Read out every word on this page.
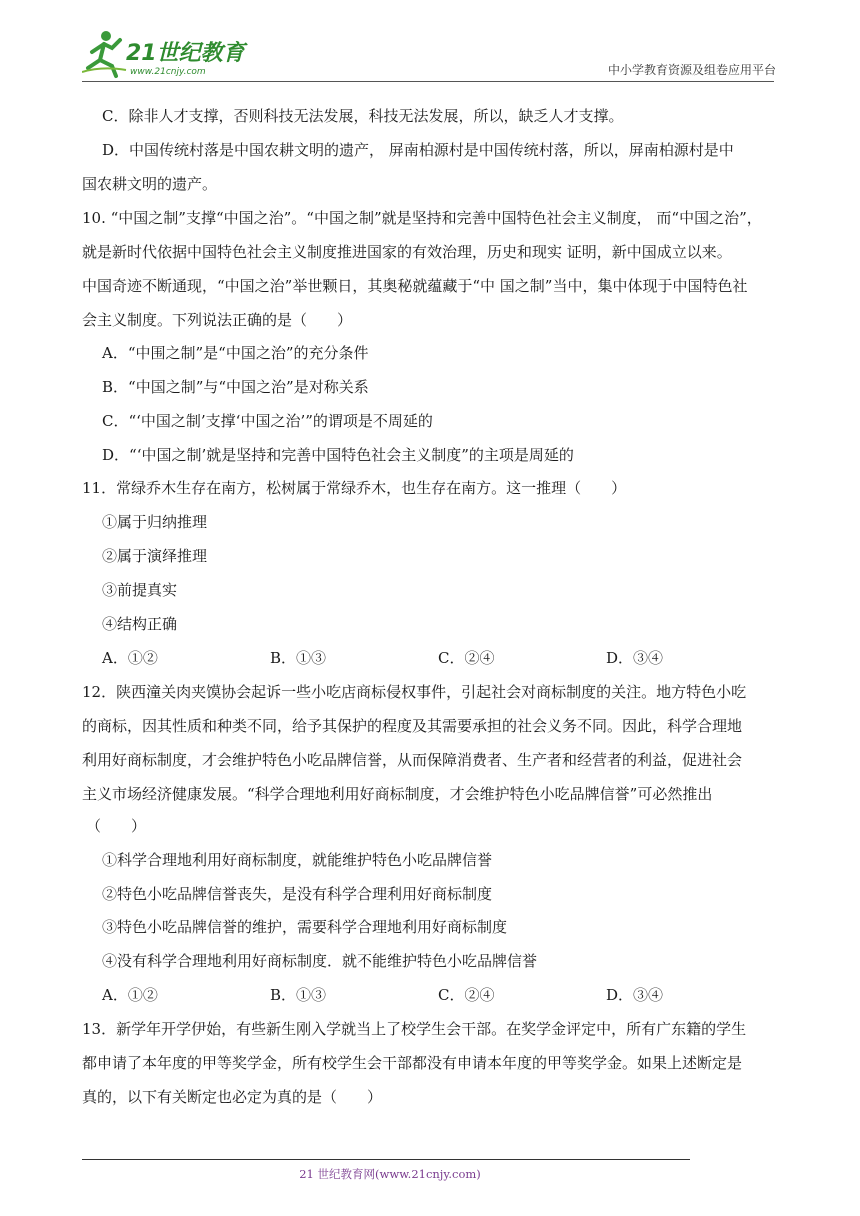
21世纪教育
www.21cnjy.com	中小学教育资源及组卷应用平台
C．除非人才支撑，否则科技无法发展，科技无法发展，所以，缺乏人才支撑。
D．中国传统村落是中国农耕文明的遗产， 屏南柏源村是中国传统村落，所以，屏南柏源村是中
国农耕文明的遗产。
10. “中国之制”支撑“中国之治”。“中国之制”就是坚持和完善中国特色社会主义制度， 而“中国之治”，
就是新时代依据中国特色社会主义制度推进国家的有效治理，历史和现实 证明，新中国成立以来。
中国奇迹不断通现，“中国之治”举世颗日，其奥秘就蕴藏于“中 国之制”当中，集中体现于中国特色社
会主义制度。下列说法正确的是（　　）
A．“中围之制”是“中国之治”的充分条件
B．“中国之制”与“中国之治”是对称关系
C．“‘中国之制’支撑‘中国之治’”的谓项是不周延的
D．“‘中国之制’就是坚持和完善中国特色社会主义制度”的主项是周延的
11．常绿乔木生存在南方，松树属于常绿乔木，也生存在南方。这一推理（　　）
①属于归纳推理
②属于演绎推理
③前提真实
④结构正确
A．①②	B．①③	C．②④	D．③④
12．陕西潼关肉夹馍协会起诉一些小吃店商标侵权事件，引起社会对商标制度的关注。地方特色小吃
的商标，因其性质和种类不同，给予其保护的程度及其需要承担的社会义务不同。因此，科学合理地
利用好商标制度，才会维护特色小吃品牌信誉，从而保障消费者、生产者和经营者的利益，促进社会
主义市场经济健康发展。“科学合理地利用好商标制度，才会维护特色小吃品牌信誉”可必然推出
（　　）
①科学合理地利用好商标制度，就能维护特色小吃品牌信誉
②特色小吃品牌信誉丧失，是没有科学合理利用好商标制度
③特色小吃品牌信誉的维护，需要科学合理地利用好商标制度
④没有科学合理地利用好商标制度．就不能维护特色小吃品牌信誉
A．①②	B．①③	C．②④	D．③④
13．新学年开学伊始，有些新生刚入学就当上了校学生会干部。在奖学金评定中，所有广东籍的学生
都申请了本年度的甲等奖学金，所有校学生会干部都没有申请本年度的甲等奖学金。如果上述断定是
真的，以下有关断定也必定为真的是（　　）
21 世纪教育网(www.21cnjy.com)
